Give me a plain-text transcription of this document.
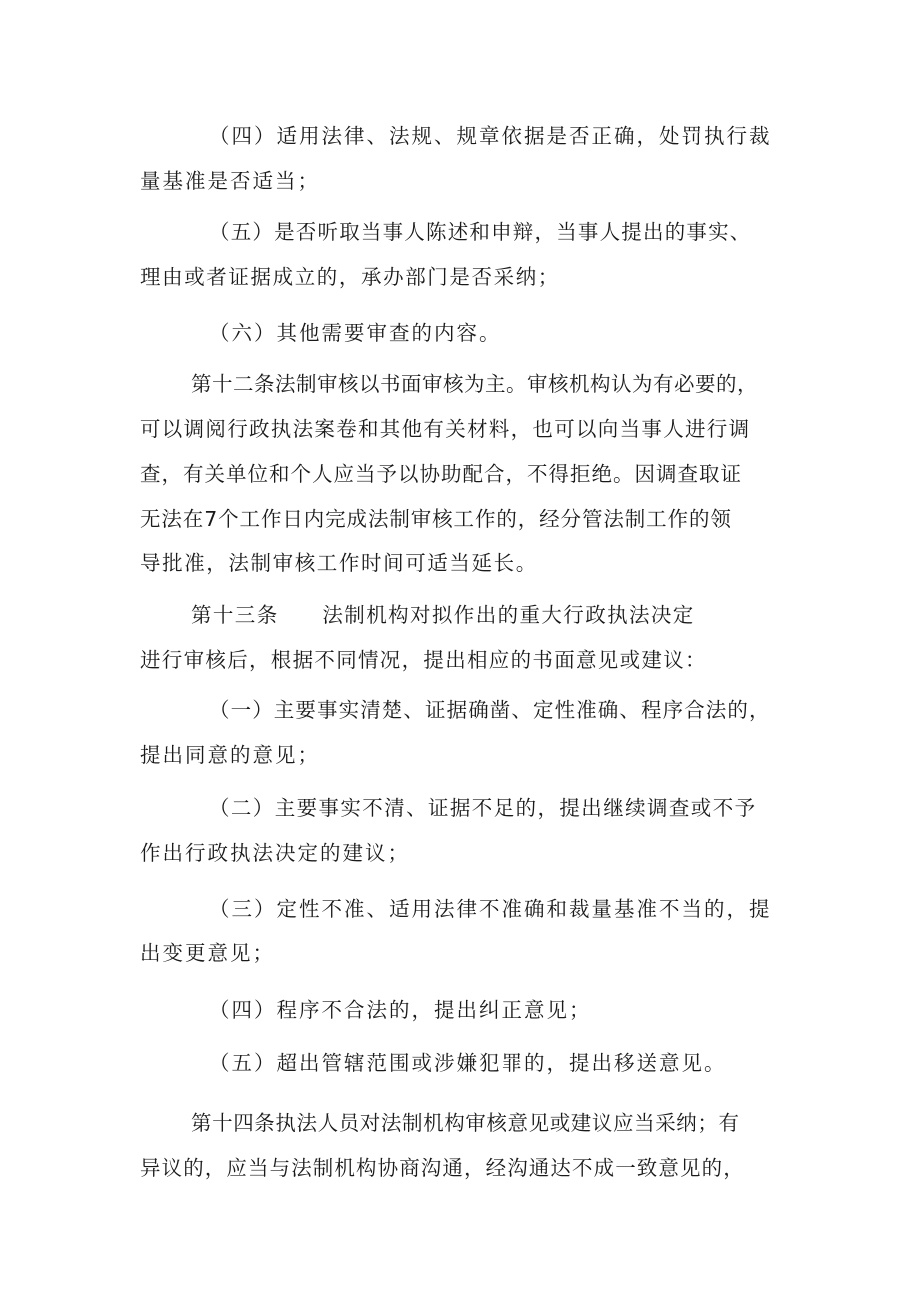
（四）适用法律、法规、规章依据是否正确，处罚执行裁
量基准是否适当；
（五）是否听取当事人陈述和申辩，当事人提出的事实、
理由或者证据成立的，承办部门是否采纳；
（六）其他需要审查的内容。
第十二条法制审核以书面审核为主。审核机构认为有必要的，
可以调阅行政执法案卷和其他有关材料，也可以向当事人进行调
查，有关单位和个人应当予以协助配合，不得拒绝。因调查取证
无法在7个工作日内完成法制审核工作的，经分管法制工作的领
导批准，法制审核工作时间可适当延长。
第十三条　　法制机构对拟作出的重大行政执法决定
进行审核后，根据不同情况，提出相应的书面意见或建议：
（一）主要事实清楚、证据确凿、定性准确、程序合法的，
提出同意的意见；
（二）主要事实不清、证据不足的，提出继续调查或不予
作出行政执法决定的建议；
（三）定性不准、适用法律不准确和裁量基准不当的，提
出变更意见；
（四）程序不合法的，提出纠正意见；
（五）超出管辖范围或涉嫌犯罪的，提出移送意见。
第十四条执法人员对法制机构审核意见或建议应当采纳；有
异议的，应当与法制机构协商沟通，经沟通达不成一致意见的，
